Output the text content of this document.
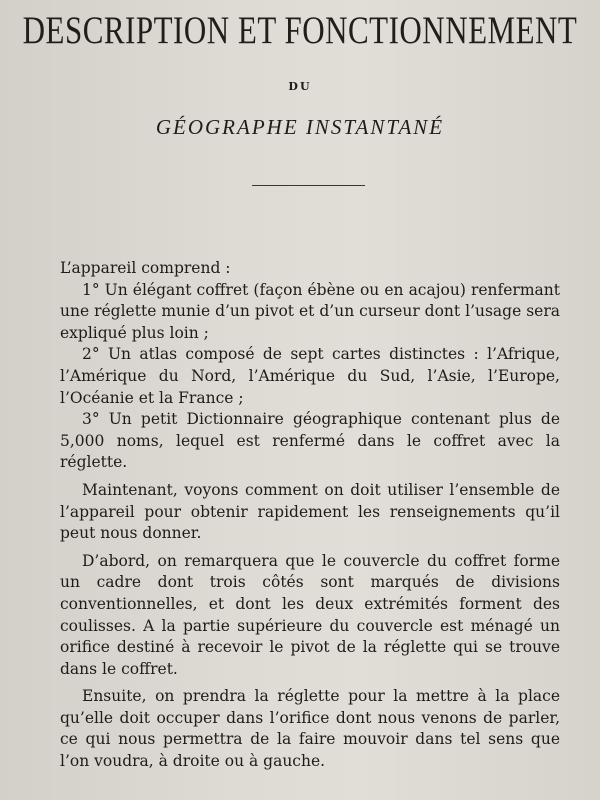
DESCRIPTION ET FONCTIONNEMENT
DU
GÉOGRAPHE INSTANTANÉ

L’appareil comprend :

1° Un élégant coffret (façon ébène ou en acajou) renfermant une réglette munie d’un pivot et d’un curseur dont l’usage sera expliqué plus loin ;

2° Un atlas composé de sept cartes distinctes : l’Afrique, l’Amérique du Nord, l’Amérique du Sud, l’Asie, l’Europe, l’Océanie et la France ;

3° Un petit Dictionnaire géographique contenant plus de 5,000 noms, lequel est renfermé dans le coffret avec la réglette.

Maintenant, voyons comment on doit utiliser l’ensemble de l’appareil pour obtenir rapidement les renseignements qu’il peut nous donner.

D’abord, on remarquera que le couvercle du coffret forme un cadre dont trois côtés sont marqués de divisions conventionnelles, et dont les deux extrémités forment des coulisses. A la partie supérieure du couvercle est ménagé un orifice destiné à recevoir le pivot de la réglette qui se trouve dans le coffret.

Ensuite, on prendra la réglette pour la mettre à la place qu’elle doit occuper dans l’orifice dont nous venons de parler, ce qui nous permettra de la faire mouvoir dans tel sens que l’on voudra, à droite ou à gauche.
